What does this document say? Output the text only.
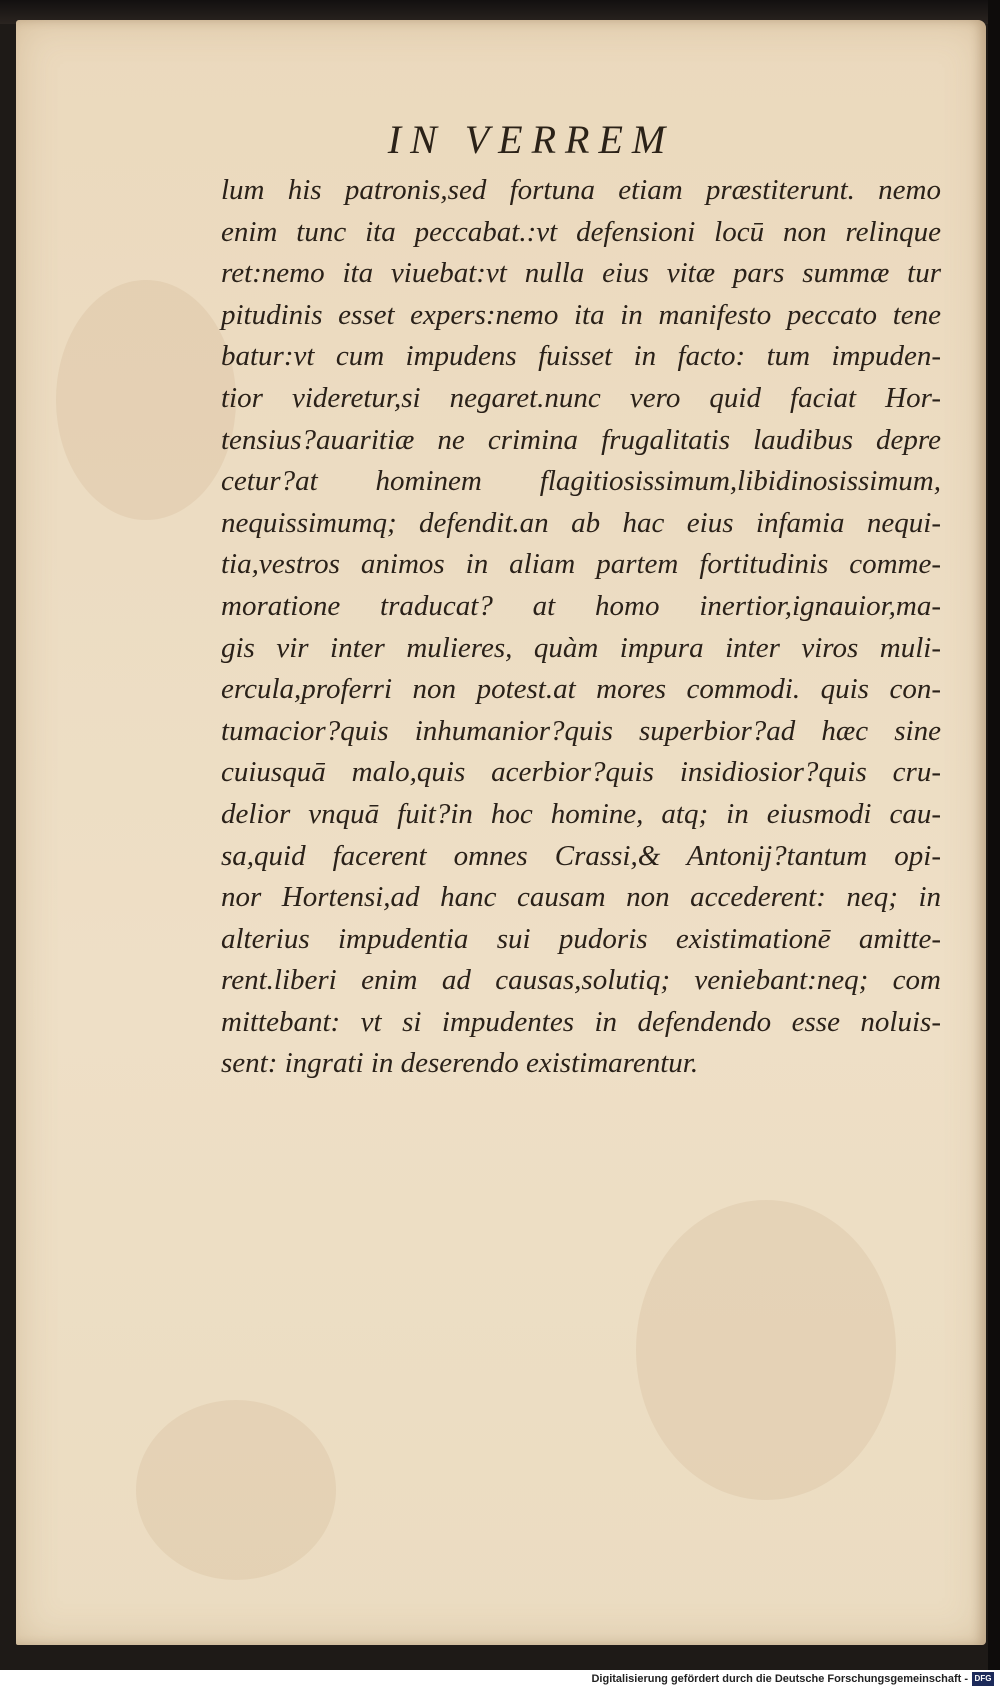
IN VERREM
lum his patronis,sed fortuna etiam præstiterunt. nemo
enim tunc ita peccabat.:vt defensioni locū non relinque
ret:nemo ita viuebat:vt nulla eius vitæ pars summæ tur
pitudinis esset expers:nemo ita in manifesto peccato tene
batur:vt cum impudens fuisset in facto: tum impuden-
tior videretur,si negaret.nunc vero quid faciat Hor-
tensius?auaritiæ ne crimina frugalitatis laudibus depre
cetur?at hominem flagitiosissimum,libidinosissimum,
nequissimumq; defendit.an ab hac eius infamia nequi-
tia,vestros animos in aliam partem fortitudinis comme-
moratione traducat? at homo inertior,ignauior,ma-
gis vir inter mulieres, quàm impura inter viros muli-
ercula,proferri non potest.at mores commodi. quis con-
tumacior?quis inhumanior?quis superbior?ad hæc sine
cuiusquā malo,quis acerbior?quis insidiosior?quis cru-
delior vnquā fuit?in hoc homine, atq; in eiusmodi cau-
sa,quid facerent omnes Crassi,& Antonij?tantum opi-
nor Hortensi,ad hanc causam non accederent: neq; in
alterius impudentia sui pudoris existimationē amitte-
rent.liberi enim ad causas,solutiq; veniebant:neq; com
mittebant: vt si impudentes in defendendo esse noluis-
sent: ingrati in deserendo existimarentur.
Digitalisierung gefördert durch die Deutsche Forschungsgemeinschaft - DFG
